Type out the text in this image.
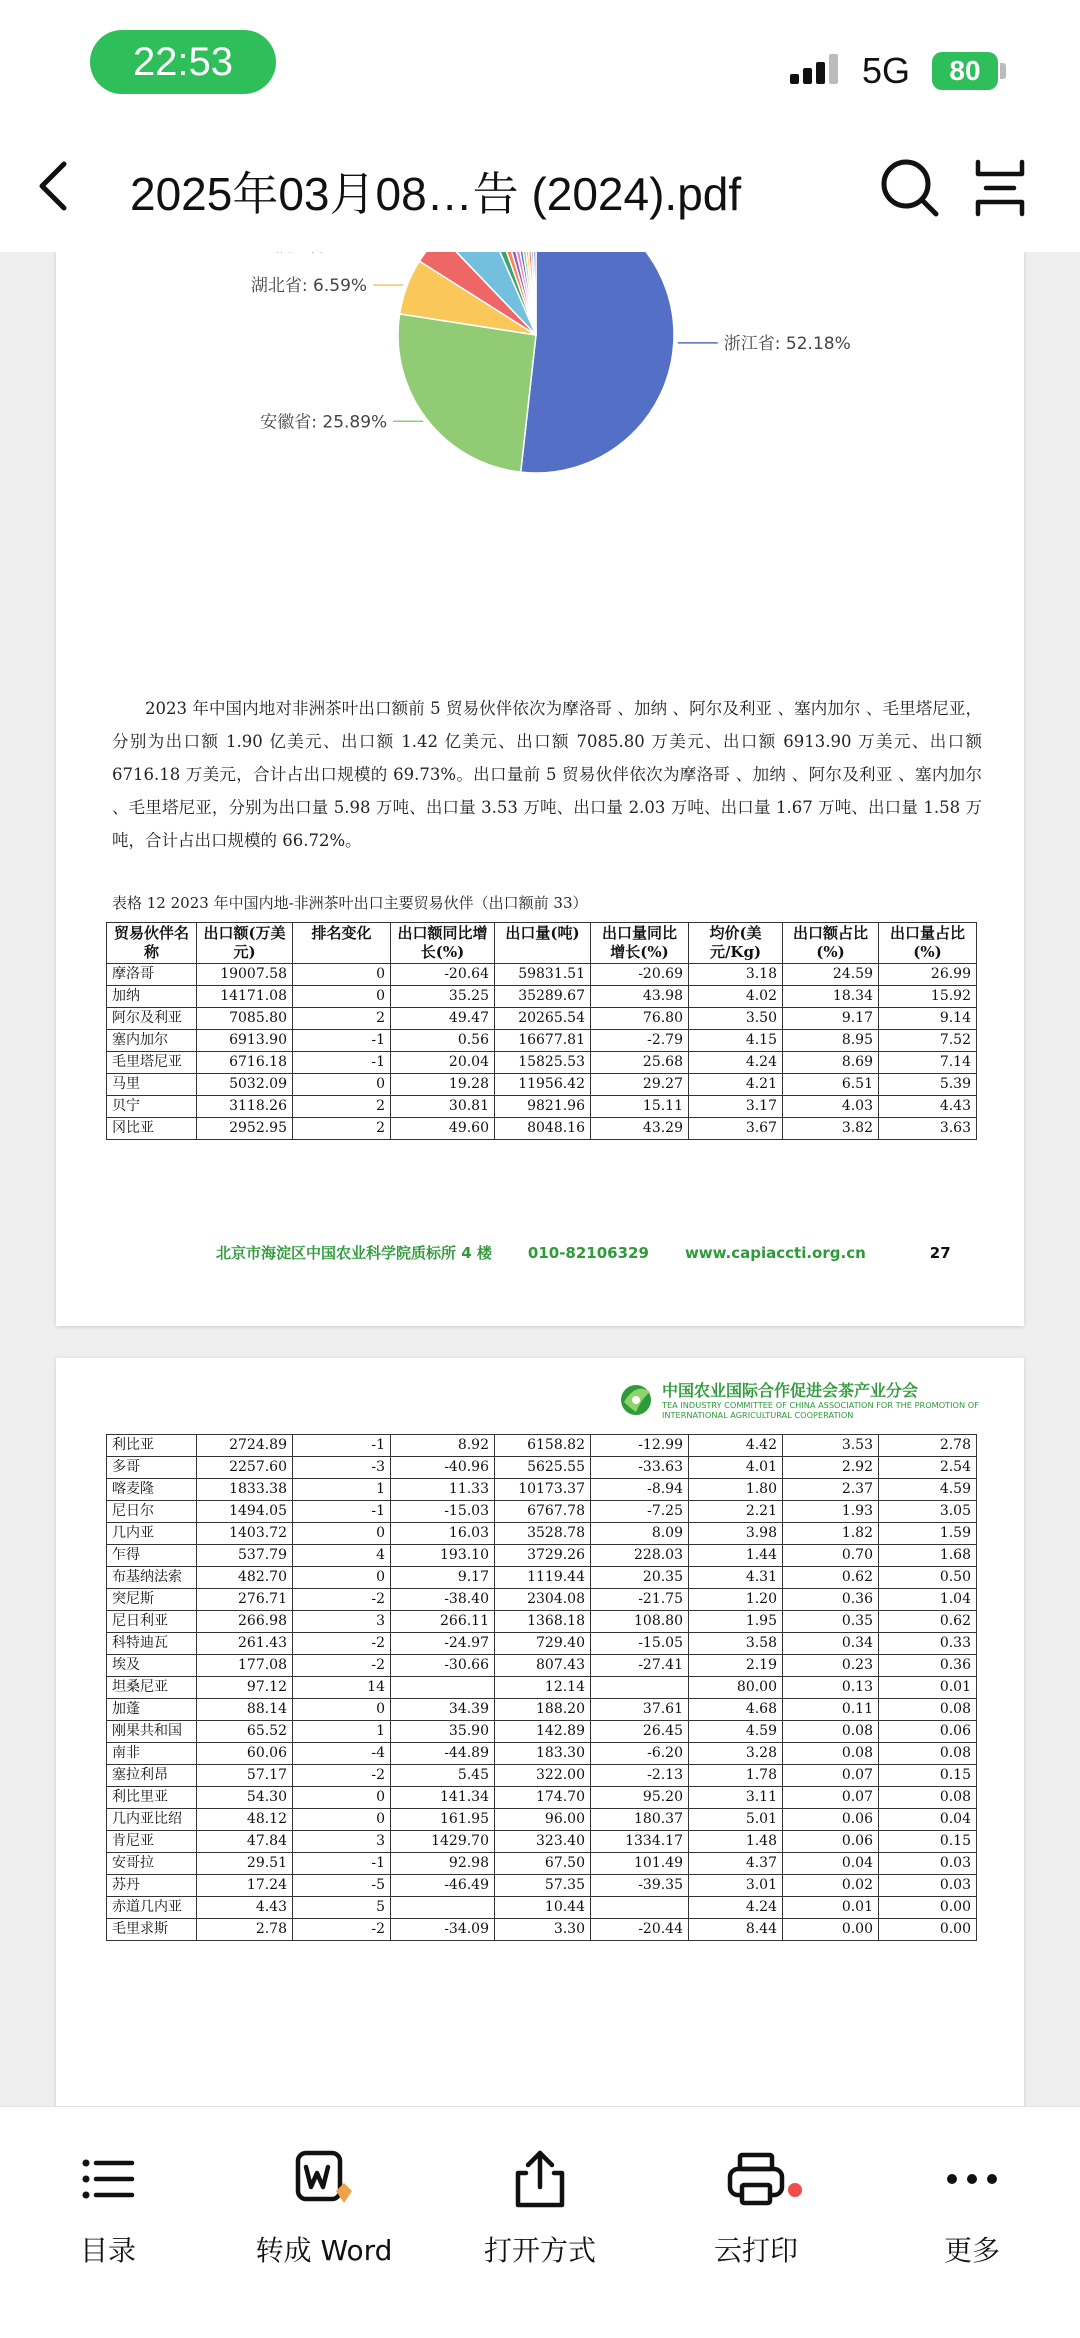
22:53	5G	80
2025年03月08…告 (2024).pdf
浙江省: 52.18%
安徽省: 25.89%
湖北省: 6.59%
2023 年中国内地对非洲茶叶出口额前 5 贸易伙伴依次为摩洛哥 、加纳 、阿尔及利亚 、塞内加尔 、毛里塔尼亚，分别为出口额 1.90 亿美元、出口额 1.42 亿美元、出口额 7085.80 万美元、出口额 6913.90 万美元、出口额 6716.18 万美元，合计占出口规模的 69.73%。出口量前 5 贸易伙伴依次为摩洛哥 、加纳 、阿尔及利亚 、塞内加尔 、毛里塔尼亚，分别为出口量 5.98 万吨、出口量 3.53 万吨、出口量 2.03 万吨、出口量 1.67 万吨、出口量 1.58 万吨，合计占出口规模的 66.72%。
表格 12 2023 年中国内地-非洲茶叶出口主要贸易伙伴（出口额前 33）
贸易伙伴名称	出口额(万美元)	排名变化	出口额同比增长(%)	出口量(吨)	出口量同比增长(%)	均价(美元/Kg)	出口额占比(%)	出口量占比(%)
摩洛哥	19007.58	0	-20.64	59831.51	-20.69	3.18	24.59	26.99
加纳	14171.08	0	35.25	35289.67	43.98	4.02	18.34	15.92
阿尔及利亚	7085.80	2	49.47	20265.54	76.80	3.50	9.17	9.14
塞内加尔	6913.90	-1	0.56	16677.81	-2.79	4.15	8.95	7.52
毛里塔尼亚	6716.18	-1	20.04	15825.53	25.68	4.24	8.69	7.14
马里	5032.09	0	19.28	11956.42	29.27	4.21	6.51	5.39
贝宁	3118.26	2	30.81	9821.96	15.11	3.17	4.03	4.43
冈比亚	2952.95	2	49.60	8048.16	43.29	3.67	3.82	3.63
北京市海淀区中国农业科学院质标所 4 楼 010-82106329 www.capiaccti.org.cn	27
中国农业国际合作促进会茶产业分会
TEA INDUSTRY COMMITTEE OF CHINA ASSOCIATION FOR THE PROMOTION OF INTERNATIONAL AGRICULTURAL COOPERATION
利比亚	2724.89	-1	8.92	6158.82	-12.99	4.42	3.53	2.78
多哥	2257.60	-3	-40.96	5625.55	-33.63	4.01	2.92	2.54
喀麦隆	1833.38	1	11.33	10173.37	-8.94	1.80	2.37	4.59
尼日尔	1494.05	-1	-15.03	6767.78	-7.25	2.21	1.93	3.05
几内亚	1403.72	0	16.03	3528.78	8.09	3.98	1.82	1.59
乍得	537.79	4	193.10	3729.26	228.03	1.44	0.70	1.68
布基纳法索	482.70	0	9.17	1119.44	20.35	4.31	0.62	0.50
突尼斯	276.71	-2	-38.40	2304.08	-21.75	1.20	0.36	1.04
尼日利亚	266.98	3	266.11	1368.18	108.80	1.95	0.35	0.62
科特迪瓦	261.43	-2	-24.97	729.40	-15.05	3.58	0.34	0.33
埃及	177.08	-2	-30.66	807.43	-27.41	2.19	0.23	0.36
坦桑尼亚	97.12	14		12.14		80.00	0.13	0.01
加蓬	88.14	0	34.39	188.20	37.61	4.68	0.11	0.08
刚果共和国	65.52	1	35.90	142.89	26.45	4.59	0.08	0.06
南非	60.06	-4	-44.89	183.30	-6.20	3.28	0.08	0.08
塞拉利昂	57.17	-2	5.45	322.00	-2.13	1.78	0.07	0.15
利比里亚	54.30	0	141.34	174.70	95.20	3.11	0.07	0.08
几内亚比绍	48.12	0	161.95	96.00	180.37	5.01	0.06	0.04
肯尼亚	47.84	3	1429.70	323.40	1334.17	1.48	0.06	0.15
安哥拉	29.51	-1	92.98	67.50	101.49	4.37	0.04	0.03
苏丹	17.24	-5	-46.49	57.35	-39.35	3.01	0.02	0.03
赤道几内亚	4.43	5		10.44		4.24	0.01	0.00
毛里求斯	2.78	-2	-34.09	3.30	-20.44	8.44	0.00	0.00
目录	转成 Word	打开方式	云打印	更多
